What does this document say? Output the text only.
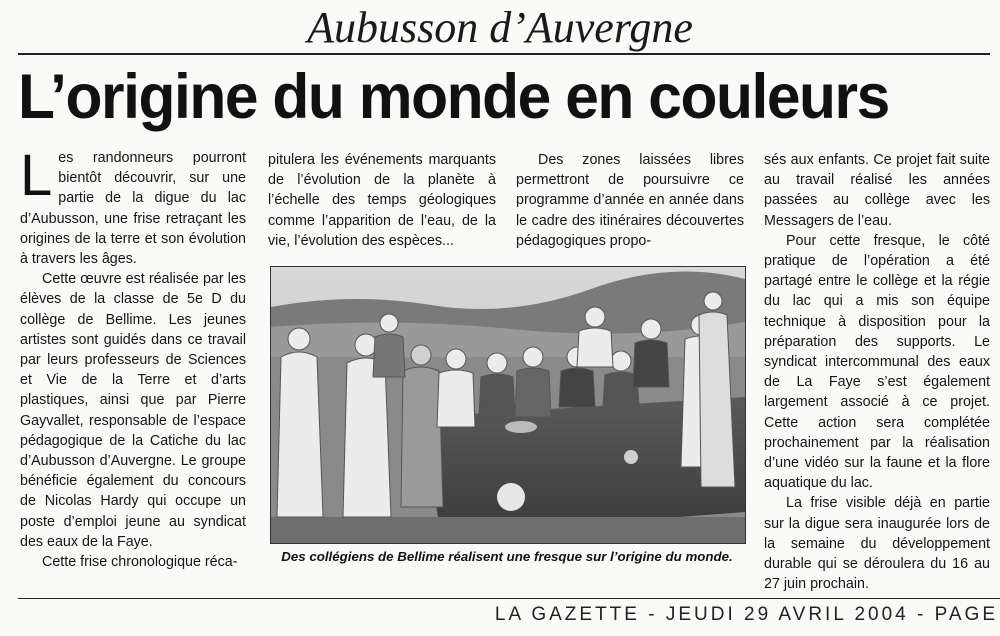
Aubusson d’Auvergne
L’origine du monde en couleurs

Les randonneurs pourront bientôt découvrir, sur une partie de la digue du lac d’Aubusson, une frise retraçant les origines de la terre et son évolution à travers les âges.

Cette œuvre est réalisée par les élèves de la classe de 5e D du collège de Bellime. Les jeunes artistes sont guidés dans ce travail par leurs professeurs de Sciences et Vie de la Terre et d’arts plastiques, ainsi que par Pierre Gayvallet, responsable de l’espace pédagogique de la Catiche du lac d’Aubusson d’Auvergne. Le groupe bénéficie également du concours de Nicolas Hardy qui occupe un poste d’emploi jeune au syndicat des eaux de la Faye.

Cette frise chronologique réca-

pitulera les événements marquants de l’évolution de la planète à l’échelle des temps géologiques comme l’apparition de l’eau, de la vie, l’évolution des espèces...

Des zones laissées libres permettront de poursuivre ce programme d’année en année dans le cadre des itinéraires découvertes pédagogiques propo-

sés aux enfants. Ce projet fait suite au travail réalisé les années passées au collège avec les Messagers de l’eau.

Pour cette fresque, le côté pratique de l’opération a été partagé entre le collège et la régie du lac qui a mis son équipe technique à disposition pour la préparation des supports. Le syndicat intercommunal des eaux de La Faye s’est également largement associé à ce projet. Cette action sera complétée prochainement par la réalisation d’une vidéo sur la faune et la flore aquatique du lac.

La frise visible déjà en partie sur la digue sera inaugurée lors de la semaine du développement durable qui se déroulera du 16 au 27 juin prochain.

Des collégiens de Bellime réalisent une fresque sur l’origine du monde.
LA GAZETTE - JEUDI 29 AVRIL 2004 - PAGE
